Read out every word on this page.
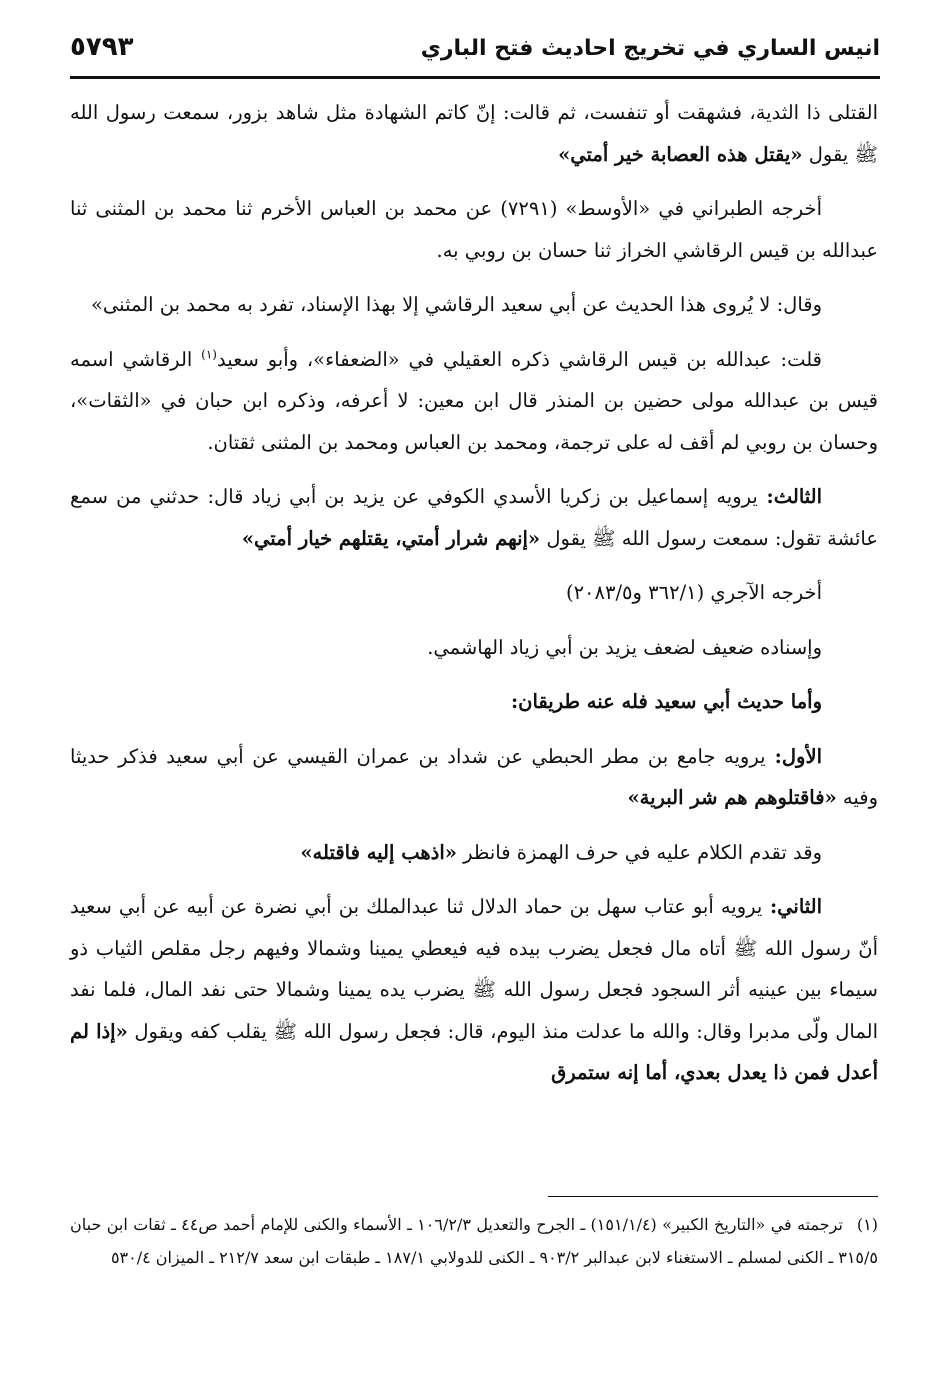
انيس الساري في تخريج احاديث فتح الباري
٥٧٩٣

القتلى ذا الثدية، فشهقت أو تنفست، ثم قالت: إنّ كاتم الشهادة مثل شاهد بزور، سمعت رسول الله ﷺ يقول «يقتل هذه العصابة خير أمتي»

أخرجه الطبراني في «الأوسط» (٧٢٩١) عن محمد بن العباس الأخرم ثنا محمد بن المثنى ثنا عبدالله بن قيس الرقاشي الخراز ثنا حسان بن روبي به.

وقال: لا يُروى هذا الحديث عن أبي سعيد الرقاشي إلا بهذا الإسناد، تفرد به محمد بن المثنى»

قلت: عبدالله بن قيس الرقاشي ذكره العقيلي في «الضعفاء»، وأبو سعيد$^{(١)}$ الرقاشي اسمه قيس بن عبدالله مولى حضين بن المنذر قال ابن معين: لا أعرفه، وذكره ابن حبان في «الثقات»، وحسان بن روبي لم أقف له على ترجمة، ومحمد بن العباس ومحمد بن المثنى ثقتان.

الثالث: يرويه إسماعيل بن زكريا الأسدي الكوفي عن يزيد بن أبي زياد قال: حدثني من سمع عائشة تقول: سمعت رسول الله ﷺ يقول «إنهم شرار أمتي، يقتلهم خيار أمتي»

أخرجه الآجري (٣٦٢/١ و٢٠٨٣/٥)

وإسناده ضعيف لضعف يزيد بن أبي زياد الهاشمي.

وأما حديث أبي سعيد فله عنه طريقان:

الأول: يرويه جامع بن مطر الحبطي عن شداد بن عمران القيسي عن أبي سعيد فذكر حديثا وفيه «فاقتلوهم هم شر البرية»

وقد تقدم الكلام عليه في حرف الهمزة فانظر «اذهب إليه فاقتله»

الثاني: يرويه أبو عتاب سهل بن حماد الدلال ثنا عبدالملك بن أبي نضرة عن أبيه عن أبي سعيد أنّ رسول الله ﷺ أتاه مال فجعل يضرب بيده فيه فيعطي يمينا وشمالا وفيهم رجل مقلص الثياب ذو سيماء بين عينيه أثر السجود فجعل رسول الله ﷺ يضرب يده يمينا وشمالا حتى نفد المال، فلما نفد المال ولّى مدبرا وقال: والله ما عدلت منذ اليوم، قال: فجعل رسول الله ﷺ يقلب كفه ويقول «إذا لم أعدل فمن ذا يعدل بعدي، أما إنه ستمرق

(١)ترجمته في «التاريخ الكبير» (١٥١/١/٤) ـ الجرح والتعديل ١٠٦/٢/٣ ـ الأسماء والكنى للإمام أحمد ص٤٤ ـ ثقات ابن حبان ٣١٥/٥ ـ الكنى لمسلم ـ الاستغناء لابن عبدالبر ٩٠٣/٢ ـ الكنى للدولابي ١٨٧/١ ـ طبقات ابن سعد ٢١٢/٧ ـ الميزان ٥٣٠/٤
